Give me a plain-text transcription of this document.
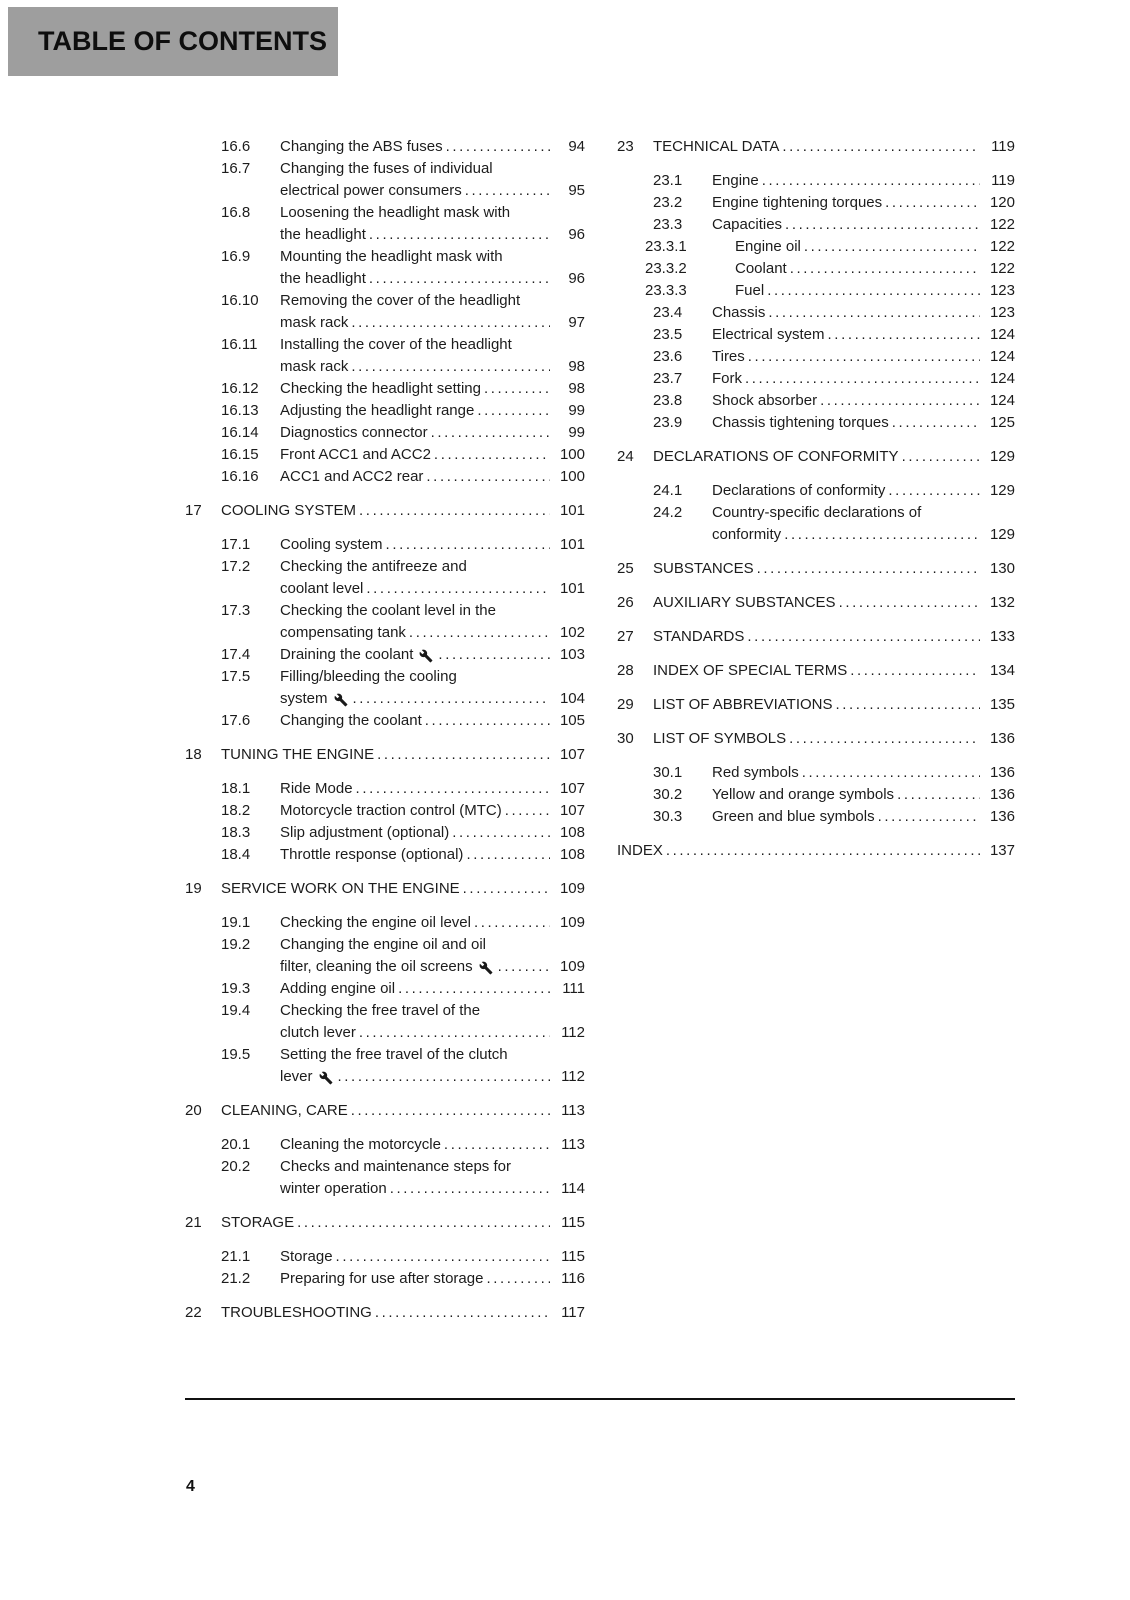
TABLE OF CONTENTS
16.6	Changing the ABS fuses .....	94
16.7	Changing the fuses of individual
electrical power consumers .....	95
16.8	Loosening the headlight mask with
the headlight .....	96
16.9	Mounting the headlight mask with
the headlight .....	96
16.10	Removing the cover of the headlight
mask rack .....	97
16.11	Installing the cover of the headlight
mask rack .....	98
16.12	Checking the headlight setting .....	98
16.13	Adjusting the headlight range .....	99
16.14	Diagnostics connector .....	99
16.15	Front ACC1 and ACC2 .....	100
16.16	ACC1 and ACC2 rear .....	100
17	COOLING SYSTEM .....	101
17.1	Cooling system .....	101
17.2	Checking the antifreeze and
coolant level .....	101
17.3	Checking the coolant level in the
compensating tank .....	102
17.4	Draining the coolant .....	103
17.5	Filling/bleeding the cooling
system .....	104
17.6	Changing the coolant .....	105
18	TUNING THE ENGINE .....	107
18.1	Ride Mode .....	107
18.2	Motorcycle traction control (MTC) .....	107
18.3	Slip adjustment (optional) .....	108
18.4	Throttle response (optional) .....	108
19	SERVICE WORK ON THE ENGINE .....	109
19.1	Checking the engine oil level .....	109
19.2	Changing the engine oil and oil
filter, cleaning the oil screens .....	109
19.3	Adding engine oil .....	111
19.4	Checking the free travel of the
clutch lever .....	112
19.5	Setting the free travel of the clutch
lever .....	112
20	CLEANING, CARE .....	113
20.1	Cleaning the motorcycle .....	113
20.2	Checks and maintenance steps for
winter operation .....	114
21	STORAGE .....	115
21.1	Storage .....	115
21.2	Preparing for use after storage .....	116
22	TROUBLESHOOTING .....	117
23	TECHNICAL DATA .....	119
23.1	Engine .....	119
23.2	Engine tightening torques .....	120
23.3	Capacities .....	122
23.3.1	Engine oil .....	122
23.3.2	Coolant .....	122
23.3.3	Fuel .....	123
23.4	Chassis .....	123
23.5	Electrical system .....	124
23.6	Tires .....	124
23.7	Fork .....	124
23.8	Shock absorber .....	124
23.9	Chassis tightening torques .....	125
24	DECLARATIONS OF CONFORMITY .....	129
24.1	Declarations of conformity .....	129
24.2	Country-specific declarations of
conformity .....	129
25	SUBSTANCES .....	130
26	AUXILIARY SUBSTANCES .....	132
27	STANDARDS .....	133
28	INDEX OF SPECIAL TERMS .....	134
29	LIST OF ABBREVIATIONS .....	135
30	LIST OF SYMBOLS .....	136
30.1	Red symbols .....	136
30.2	Yellow and orange symbols .....	136
30.3	Green and blue symbols .....	136
INDEX .....	137
4
